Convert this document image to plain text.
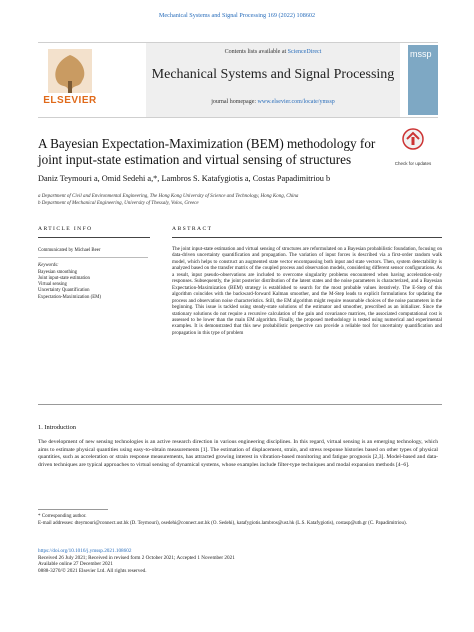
Mechanical Systems and Signal Processing 169 (2022) 108602
ELSEVIER
Contents lists available at ScienceDirect
Mechanical Systems and Signal Processing
journal homepage: www.elsevier.com/locate/ymssp
mssp
Check for updates
A Bayesian Expectation-Maximization (BEM) methodology for joint input-state estimation and virtual sensing of structures
Daniz Teymouri a, Omid Sedehi a,*, Lambros S. Katafygiotis a, Costas Papadimitriou b
a Department of Civil and Environmental Engineering, The Hong Kong University of Science and Technology, Hong Kong, China
b Department of Mechanical Engineering, University of Thessaly, Volos, Greece
ARTICLE INFO	ABSTRACT
Communicated by Michael Beer
Keywords:
Bayesian smoothing
Joint input-state estimation
Virtual sensing
Uncertainty Quantification
Expectation-Maximization (EM)
The joint input-state estimation and virtual sensing of structures are reformulated on a Bayesian probabilistic foundation, focusing on data-driven uncertainty quantification and propagation. The variation of input forces is described via a first-order random walk model, which helps to construct an augmented state vector encompassing both input and state vectors. Then, system detectability is analyzed based on the transfer matrix of the coupled process and observation models, considering different sensor configurations. As a result, input pseudo-observations are included to overcome singularity problems encountered when having acceleration-only responses. Subsequently, the joint posterior distribution of the latent states and the noise parameters is characterized, and a Bayesian Expectation-Maximization (BEM) strategy is established to search for the most probable values iteratively. The E-Step of this algorithm coincides with the backward-forward Kalman smoother, and the M-Step leads to explicit formulations for updating the process and observation noise characteristics. Still, the EM algorithm might require reasonable choices of the noise parameters in the beginning. This issue is tackled using steady-state solutions of the estimator and smoother, prescribed as an initializer. Since the stationary solutions do not require a recursive calculation of the gain and covariance matrices, the associated computational cost is assessed to be lower than the main EM algorithm. Finally, the proposed methodology is tested using numerical and experimental examples. It is demonstrated that this new probabilistic perspective can provide a reliable tool for uncertainty quantification and propagation in this type of problem
1. Introduction
The development of new sensing technologies is an active research direction in various engineering disciplines. In this regard, virtual sensing is an emerging technology, which aims to estimate physical quantities using easy-to-obtain measurements [1]. The estimation of displacement, strain, and stress response histories based on other types of physical quantities, such as acceleration or strain response measurements, has attracted growing interest in vibration-based monitoring and fatigue prognosis [2,3]. Model-based and data-driven techniques are typical approaches to virtual sensing of dynamical systems, whose examples include filter-type techniques and modal expansion methods [4–6].
* Corresponding author.
E-mail addresses: dteymouri@connect.ust.hk (D. Teymouri), osedehi@connect.ust.hk (O. Sedehi), katafygiotis.lambros@ust.hk (L.S. Katafygiotis), costasp@uth.gr (C. Papadimitriou).
https://doi.org/10.1016/j.ymssp.2021.108602
Received 26 July 2021; Received in revised form 2 October 2021; Accepted 1 November 2021
Available online 27 December 2021
0888-3270/© 2021 Elsevier Ltd. All rights reserved.
